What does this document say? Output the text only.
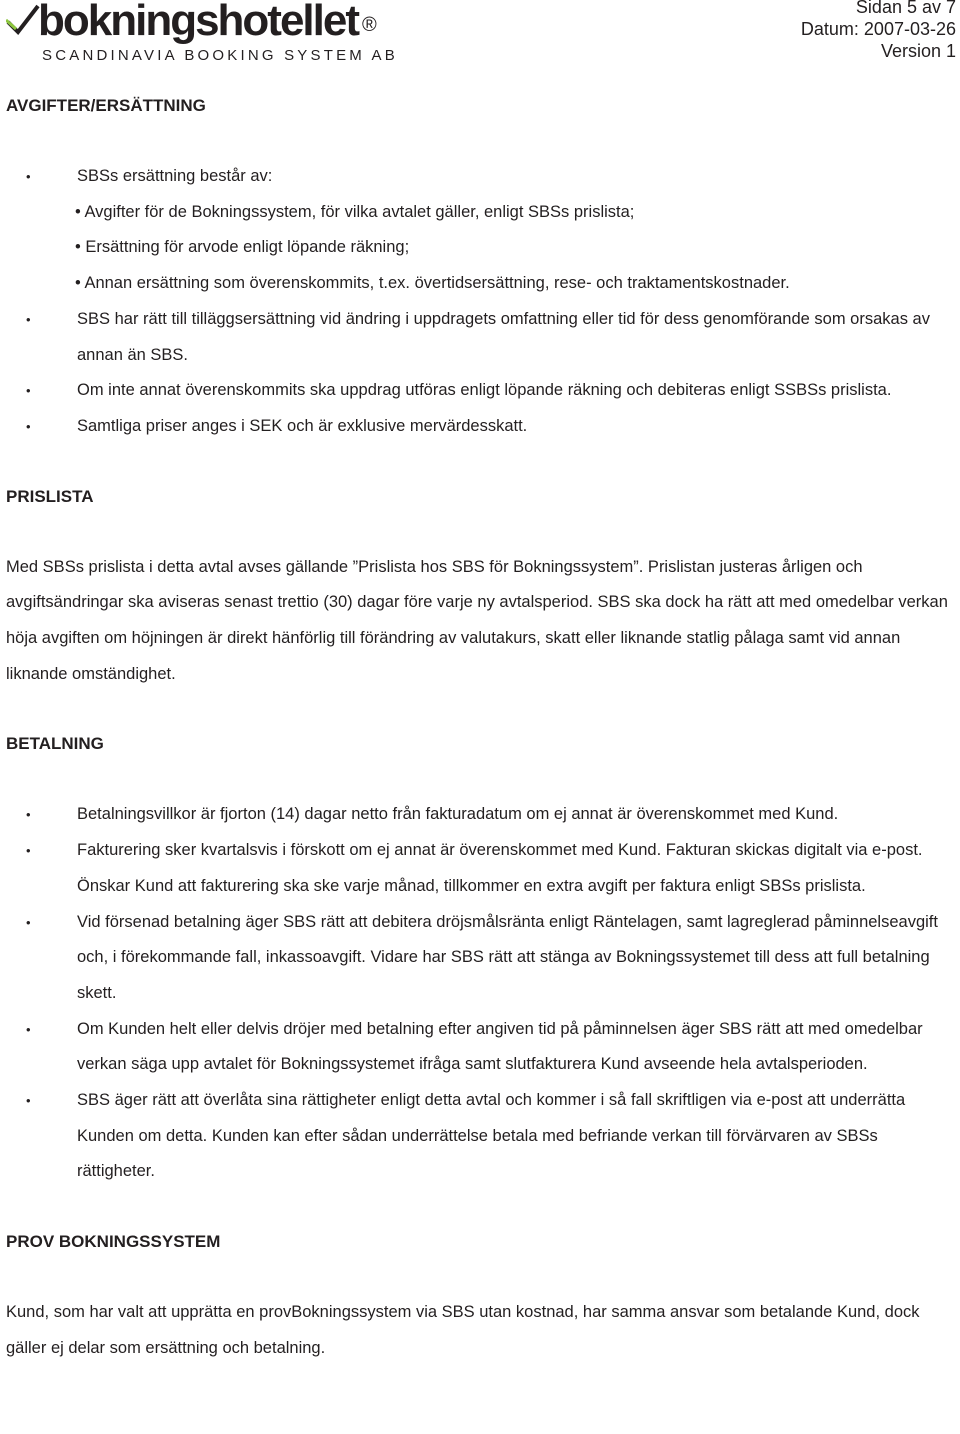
bokningshotellet ®
SCANDINAVIA BOOKING SYSTEM AB
Sidan 5 av 7
Datum: 2007-03-26
Version 1
AVGIFTER/ERSÄTTNING
•	SBSs ersättning består av:
• Avgifter för de Bokningssystem, för vilka avtalet gäller, enligt SBSs prislista;
• Ersättning för arvode enligt löpande räkning;
• Annan ersättning som överenskommits, t.ex. övertidsersättning, rese- och traktamentskostnader.
•	SBS har rätt till tilläggsersättning vid ändring i uppdragets omfattning eller tid för dess genomförande som orsakas av annan än SBS.
•	Om inte annat överenskommits ska uppdrag utföras enligt löpande räkning och debiteras enligt SSBSs prislista.
•	Samtliga priser anges i SEK och är exklusive mervärdesskatt.
PRISLISTA

Med SBSs prislista i detta avtal avses gällande ”Prislista hos SBS för Bokningssystem”. Prislistan justeras årligen och avgiftsändringar ska aviseras senast trettio (30) dagar före varje ny avtalsperiod. SBS ska dock ha rätt att med omedelbar verkan höja avgiften om höjningen är direkt hänförlig till förändring av valutakurs, skatt eller liknande statlig pålaga samt vid annan liknande omständighet.

BETALNING
•	Betalningsvillkor är fjorton (14) dagar netto från fakturadatum om ej annat är överenskommet med Kund.
•	Fakturering sker kvartalsvis i förskott om ej annat är överenskommet med Kund. Fakturan skickas digitalt via e-post. Önskar Kund att fakturering ska ske varje månad, tillkommer en extra avgift per faktura enligt SBSs prislista.
•	Vid försenad betalning äger SBS rätt att debitera dröjsmålsränta enligt Räntelagen, samt lagreglerad påminnelseavgift och, i förekommande fall, inkassoavgift. Vidare har SBS rätt att stänga av Bokningssystemet till dess att full betalning skett.
•	Om Kunden helt eller delvis dröjer med betalning efter angiven tid på påminnelsen äger SBS rätt att med omedelbar verkan säga upp avtalet för Bokningssystemet ifråga samt slutfakturera Kund avseende hela avtalsperioden.
•	SBS äger rätt att överlåta sina rättigheter enligt detta avtal och kommer i så fall skriftligen via e-post att underrätta Kunden om detta. Kunden kan efter sådan underrättelse betala med befriande verkan till förvärvaren av SBSs rättigheter.
PROV BOKNINGSSYSTEM

Kund, som har valt att upprätta en provBokningssystem via SBS utan kostnad, har samma ansvar som betalande Kund, dock gäller ej delar som ersättning och betalning.
